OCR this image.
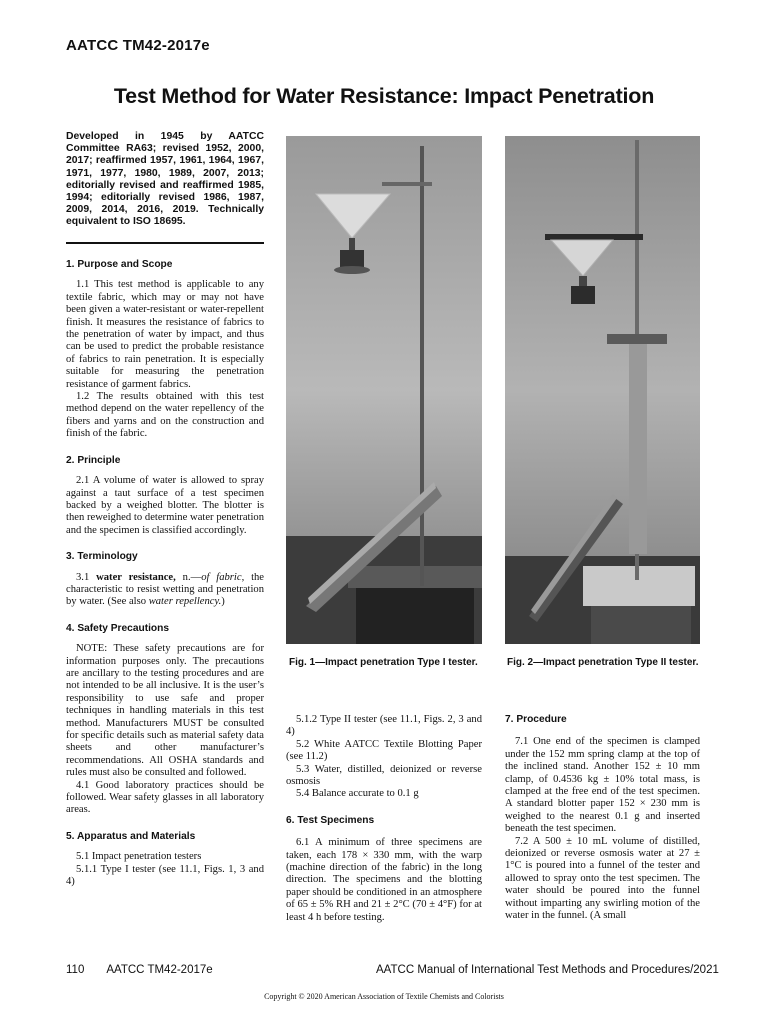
AATCC TM42-2017e
Test Method for Water Resistance: Impact Penetration
Developed in 1945 by AATCC Committee RA63; revised 1952, 2000, 2017; reaffirmed 1957, 1961, 1964, 1967, 1971, 1977, 1980, 1989, 2007, 2013; editorially revised and reaffirmed 1985, 1994; editorially revised 1986, 1987, 2009, 2014, 2016, 2019. Technically equivalent to ISO 18695.
1. Purpose and Scope

1.1 This test method is applicable to any textile fabric, which may or may not have been given a water-resistant or water-repellent finish. It measures the resistance of fabrics to the penetration of water by impact, and thus can be used to predict the probable resistance of fabrics to rain penetration. It is especially suitable for measuring the penetration resistance of garment fabrics.

1.2 The results obtained with this test method depend on the water repellency of the fibers and yarns and on the construction and finish of the fabric.

2. Principle

2.1 A volume of water is allowed to spray against a taut surface of a test specimen backed by a weighed blotter. The blotter is then reweighed to determine water penetration and the specimen is classified accordingly.

3. Terminology

3.1 water resistance, n.—of fabric, the characteristic to resist wetting and penetration by water. (See also water repellency.)

4. Safety Precautions

NOTE: These safety precautions are for information purposes only. The precautions are ancillary to the testing procedures and are not intended to be all inclusive. It is the user’s responsibility to use safe and proper techniques in handling materials in this test method. Manufacturers MUST be consulted for specific details such as material safety data sheets and other manufacturer’s recommendations. All OSHA standards and rules must also be consulted and followed.

4.1 Good laboratory practices should be followed. Wear safety glasses in all laboratory areas.

5. Apparatus and Materials

5.1 Impact penetration testers

5.1.1 Type I tester (see 11.1, Figs. 1, 3 and 4)

Fig. 1—Impact penetration Type I tester.	Fig. 2—Impact penetration Type II tester.

5.1.2 Type II tester (see 11.1, Figs. 2, 3 and 4)

5.2 White AATCC Textile Blotting Paper (see 11.2)

5.3 Water, distilled, deionized or reverse osmosis

5.4 Balance accurate to 0.1 g

6. Test Specimens

6.1 A minimum of three specimens are taken, each 178 × 330 mm, with the warp (machine direction of the fabric) in the long direction. The specimens and the blotting paper should be conditioned in an atmosphere of 65 ± 5% RH and 21 ± 2°C (70 ± 4°F) for at least 4 h before testing.

7. Procedure

7.1 One end of the specimen is clamped under the 152 mm spring clamp at the top of the inclined stand. Another 152 ± 10 mm clamp, of 0.4536 kg ± 10% total mass, is clamped at the free end of the test specimen. A standard blotter paper 152 × 230 mm is weighed to the nearest 0.1 g and inserted beneath the test specimen.

7.2 A 500 ± 10 mL volume of distilled, deionized or reverse osmosis water at 27 ± 1°C is poured into a funnel of the tester and allowed to spray onto the test specimen. The water should be poured into the funnel without imparting any swirling motion of the water in the funnel. (A small

110 AATCC TM42-2017e	AATCC Manual of International Test Methods and Procedures/2021
Copyright © 2020 American Association of Textile Chemists and Colorists
